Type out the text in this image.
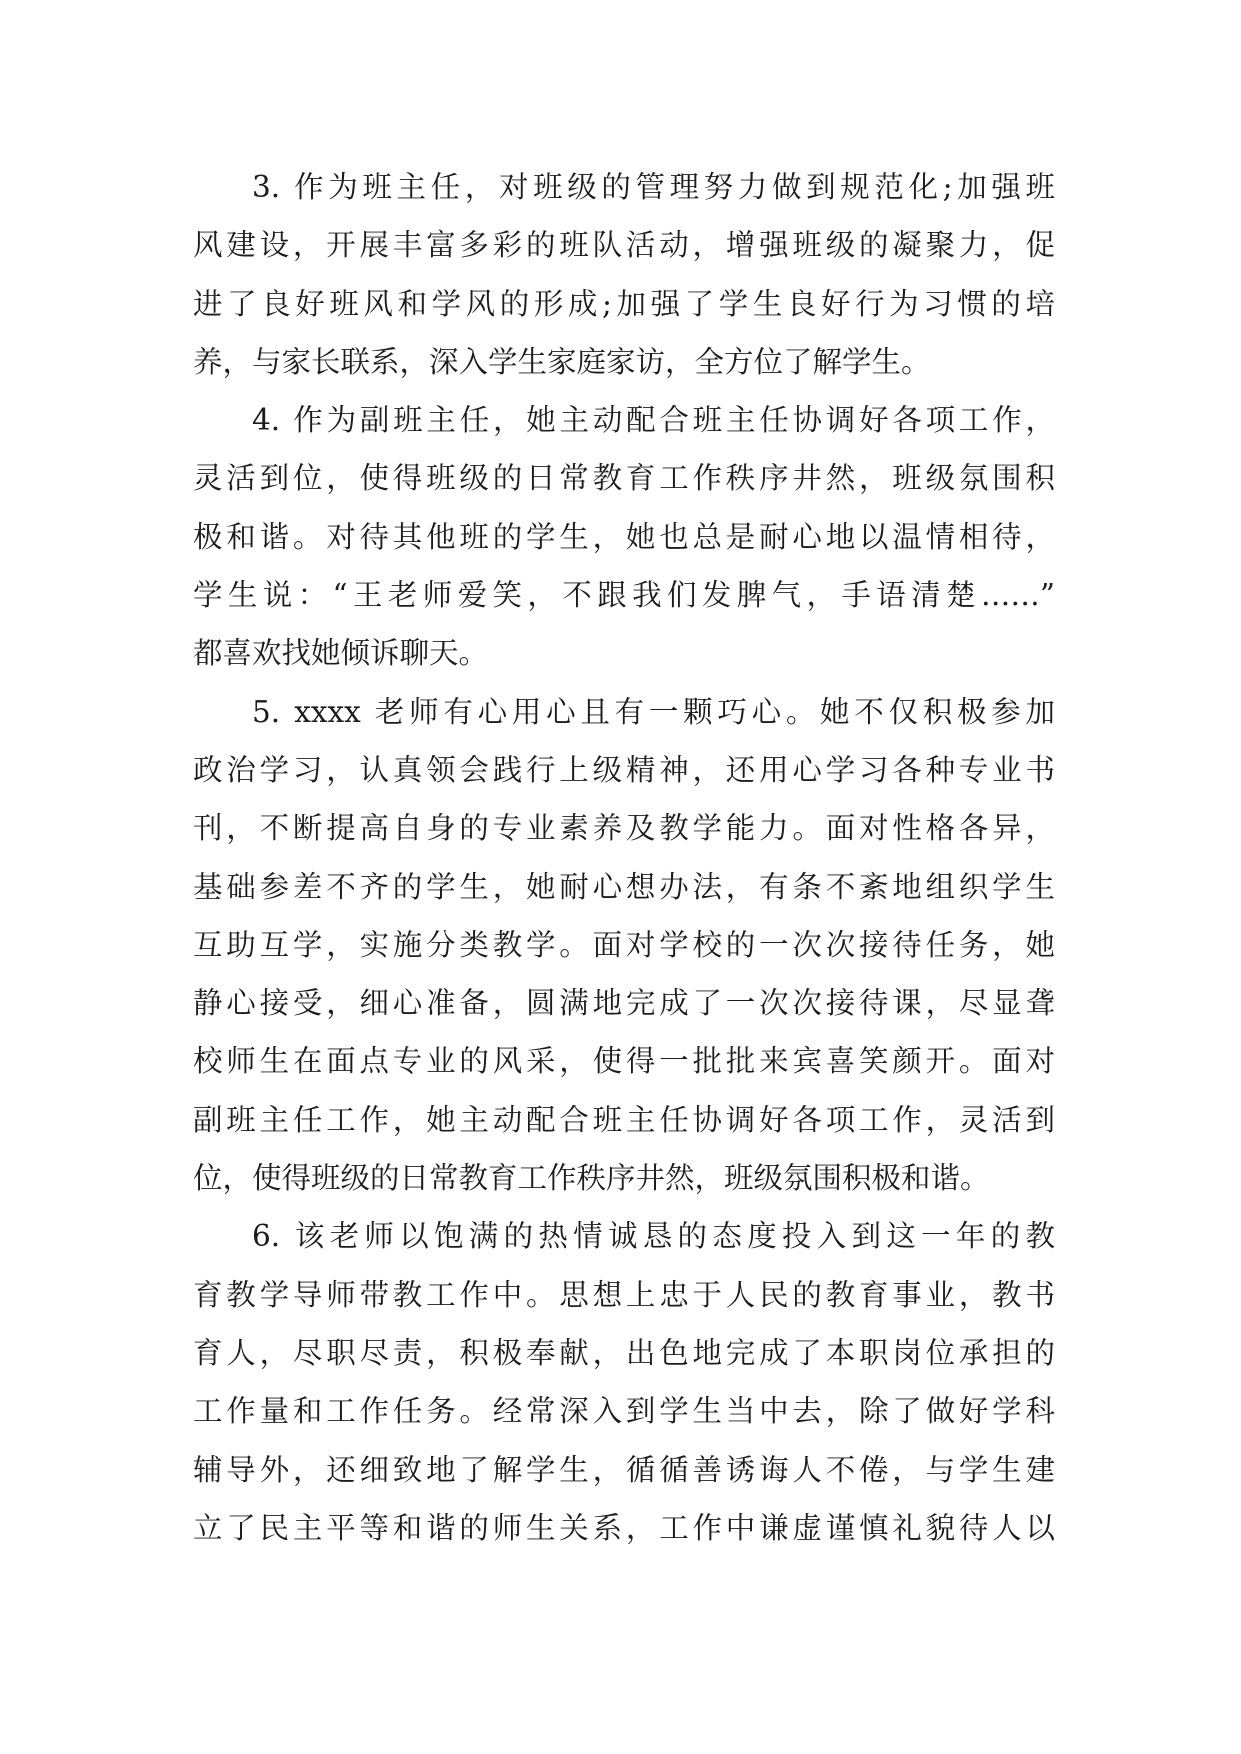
3. 作为班主任，对班级的管理努力做到规范化;加强班
风建设，开展丰富多彩的班队活动，增强班级的凝聚力，促
进了良好班风和学风的形成;加强了学生良好行为习惯的培
养，与家长联系，深入学生家庭家访，全方位了解学生。
4. 作为副班主任，她主动配合班主任协调好各项工作，
灵活到位，使得班级的日常教育工作秩序井然，班级氛围积
极和谐。对待其他班的学生，她也总是耐心地以温情相待，
学生说：“王老师爱笑，不跟我们发脾气，手语清楚……”
都喜欢找她倾诉聊天。
5. xxxx 老师有心用心且有一颗巧心。她不仅积极参加
政治学习，认真领会践行上级精神，还用心学习各种专业书
刊，不断提高自身的专业素养及教学能力。面对性格各异，
基础参差不齐的学生，她耐心想办法，有条不紊地组织学生
互助互学，实施分类教学。面对学校的一次次接待任务，她
静心接受，细心准备，圆满地完成了一次次接待课，尽显聋
校师生在面点专业的风采，使得一批批来宾喜笑颜开。面对
副班主任工作，她主动配合班主任协调好各项工作，灵活到
位，使得班级的日常教育工作秩序井然，班级氛围积极和谐。
6. 该老师以饱满的热情诚恳的态度投入到这一年的教
育教学导师带教工作中。思想上忠于人民的教育事业，教书
育人，尽职尽责，积极奉献，出色地完成了本职岗位承担的
工作量和工作任务。经常深入到学生当中去，除了做好学科
辅导外，还细致地了解学生，循循善诱诲人不倦，与学生建
立了民主平等和谐的师生关系，工作中谦虚谨慎礼貌待人以
